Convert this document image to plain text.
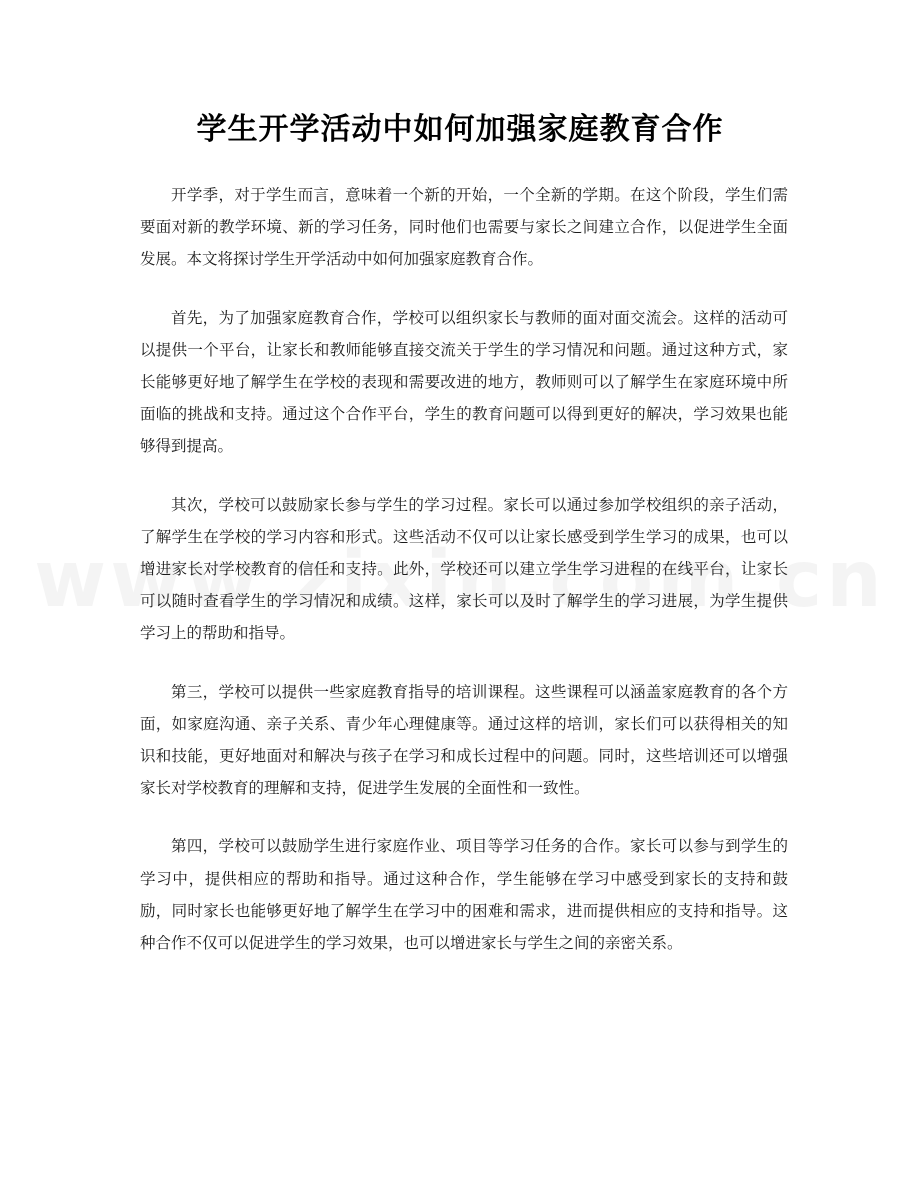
学生开学活动中如何加强家庭教育合作

开学季，对于学生而言，意味着一个新的开始，一个全新的学期。在这个阶段，学生们需要面对新的教学环境、新的学习任务，同时他们也需要与家长之间建立合作，以促进学生全面发展。本文将探讨学生开学活动中如何加强家庭教育合作。

首先，为了加强家庭教育合作，学校可以组织家长与教师的面对面交流会。这样的活动可以提供一个平台，让家长和教师能够直接交流关于学生的学习情况和问题。通过这种方式，家长能够更好地了解学生在学校的表现和需要改进的地方，教师则可以了解学生在家庭环境中所面临的挑战和支持。通过这个合作平台，学生的教育问题可以得到更好的解决，学习效果也能够得到提高。

其次，学校可以鼓励家长参与学生的学习过程。家长可以通过参加学校组织的亲子活动，了解学生在学校的学习内容和形式。这些活动不仅可以让家长感受到学生学习的成果，也可以增进家长对学校教育的信任和支持。此外，学校还可以建立学生学习进程的在线平台，让家长可以随时查看学生的学习情况和成绩。这样，家长可以及时了解学生的学习进展，为学生提供学习上的帮助和指导。

第三，学校可以提供一些家庭教育指导的培训课程。这些课程可以涵盖家庭教育的各个方面，如家庭沟通、亲子关系、青少年心理健康等。通过这样的培训，家长们可以获得相关的知识和技能，更好地面对和解决与孩子在学习和成长过程中的问题。同时，这些培训还可以增强家长对学校教育的理解和支持，促进学生发展的全面性和一致性。

第四，学校可以鼓励学生进行家庭作业、项目等学习任务的合作。家长可以参与到学生的学习中，提供相应的帮助和指导。通过这种合作，学生能够在学习中感受到家长的支持和鼓励，同时家长也能够更好地了解学生在学习中的困难和需求，进而提供相应的支持和指导。这种合作不仅可以促进学生的学习效果，也可以增进家长与学生之间的亲密关系。
